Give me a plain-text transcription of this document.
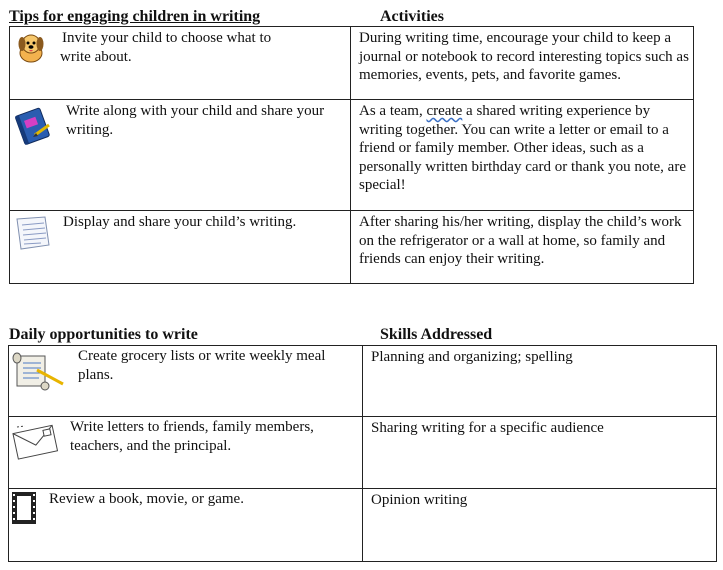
Tips for engaging children in writing	Activities
Invite your child to choose what to
write about.	During writing time, encourage your child to keep a journal or notebook to record interesting topics such as memories, events, pets, and favorite games.

Write along with your child and share your
writing.	As a team, create a shared writing experience by writing together. You can write a letter or email to a friend or family member. Other ideas, such as a personally written birthday card or thank you note, are special!

Display and share your child’s writing.	After sharing his/her writing, display the child’s work on the refrigerator or a wall at home, so family and friends can enjoy their writing.
Daily opportunities to write	Skills Addressed
Create grocery lists or write weekly meal
plans.	Planning and organizing; spelling

Write letters to friends, family members,
teachers, and the principal.	Sharing writing for a specific audience

Review a book, movie, or game.	Opinion writing
